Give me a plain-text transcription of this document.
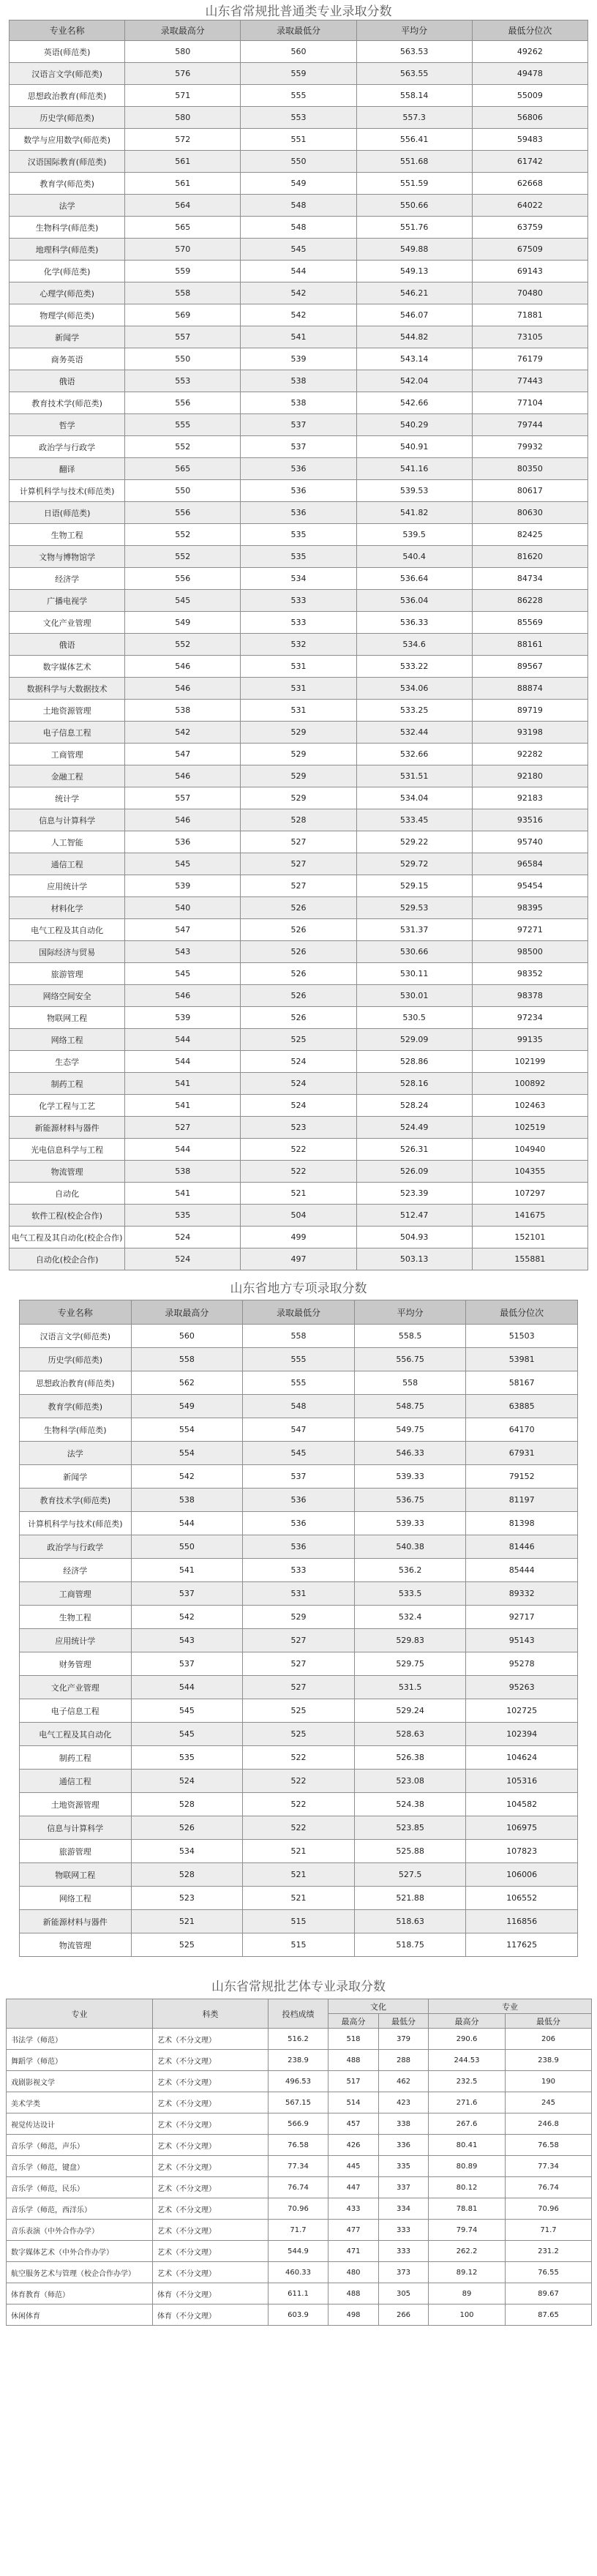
山东省常规批普通类专业录取分数
专业名称	录取最高分	录取最低分	平均分	最低分位次
英语(师范类)	580	560	563.53	49262
汉语言文学(师范类)	576	559	563.55	49478
思想政治教育(师范类)	571	555	558.14	55009
历史学(师范类)	580	553	557.3	56806
数学与应用数学(师范类)	572	551	556.41	59483
汉语国际教育(师范类)	561	550	551.68	61742
教育学(师范类)	561	549	551.59	62668
法学	564	548	550.66	64022
生物科学(师范类)	565	548	551.76	63759
地理科学(师范类)	570	545	549.88	67509
化学(师范类)	559	544	549.13	69143
心理学(师范类)	558	542	546.21	70480
物理学(师范类)	569	542	546.07	71881
新闻学	557	541	544.82	73105
商务英语	550	539	543.14	76179
俄语	553	538	542.04	77443
教育技术学(师范类)	556	538	542.66	77104
哲学	555	537	540.29	79744
政治学与行政学	552	537	540.91	79932
翻译	565	536	541.16	80350
计算机科学与技术(师范类)	550	536	539.53	80617
日语(师范类)	556	536	541.82	80630
生物工程	552	535	539.5	82425
文物与博物馆学	552	535	540.4	81620
经济学	556	534	536.64	84734
广播电视学	545	533	536.04	86228
文化产业管理	549	533	536.33	85569
俄语	552	532	534.6	88161
数字媒体艺术	546	531	533.22	89567
数据科学与大数据技术	546	531	534.06	88874
土地资源管理	538	531	533.25	89719
电子信息工程	542	529	532.44	93198
工商管理	547	529	532.66	92282
金融工程	546	529	531.51	92180
统计学	557	529	534.04	92183
信息与计算科学	546	528	533.45	93516
人工智能	536	527	529.22	95740
通信工程	545	527	529.72	96584
应用统计学	539	527	529.15	95454
材料化学	540	526	529.53	98395
电气工程及其自动化	547	526	531.37	97271
国际经济与贸易	543	526	530.66	98500
旅游管理	545	526	530.11	98352
网络空间安全	546	526	530.01	98378
物联网工程	539	526	530.5	97234
网络工程	544	525	529.09	99135
生态学	544	524	528.86	102199
制药工程	541	524	528.16	100892
化学工程与工艺	541	524	528.24	102463
新能源材料与器件	527	523	524.49	102519
光电信息科学与工程	544	522	526.31	104940
物流管理	538	522	526.09	104355
自动化	541	521	523.39	107297
软件工程(校企合作)	535	504	512.47	141675
电气工程及其自动化(校企合作)	524	499	504.93	152101
自动化(校企合作)	524	497	503.13	155881
山东省地方专项录取分数
专业名称	录取最高分	录取最低分	平均分	最低分位次
汉语言文学(师范类)	560	558	558.5	51503
历史学(师范类)	558	555	556.75	53981
思想政治教育(师范类)	562	555	558	58167
教育学(师范类)	549	548	548.75	63885
生物科学(师范类)	554	547	549.75	64170
法学	554	545	546.33	67931
新闻学	542	537	539.33	79152
教育技术学(师范类)	538	536	536.75	81197
计算机科学与技术(师范类)	544	536	539.33	81398
政治学与行政学	550	536	540.38	81446
经济学	541	533	536.2	85444
工商管理	537	531	533.5	89332
生物工程	542	529	532.4	92717
应用统计学	543	527	529.83	95143
财务管理	537	527	529.75	95278
文化产业管理	544	527	531.5	95263
电子信息工程	545	525	529.24	102725
电气工程及其自动化	545	525	528.63	102394
制药工程	535	522	526.38	104624
通信工程	524	522	523.08	105316
土地资源管理	528	522	524.38	104582
信息与计算科学	526	522	523.85	106975
旅游管理	534	521	525.88	107823
物联网工程	528	521	527.5	106006
网络工程	523	521	521.88	106552
新能源材料与器件	521	515	518.63	116856
物流管理	525	515	518.75	117625
山东省常规批艺体专业录取分数
专业	科类	投档成绩	文化		专业	
			最高分	最低分	最高分	最低分
书法学（师范）	艺术（不分文理）	516.2	518	379	290.6	206
舞蹈学（师范）	艺术（不分文理）	238.9	488	288	244.53	238.9
戏剧影视文学	艺术（不分文理）	496.53	517	462	232.5	190
美术学类	艺术（不分文理）	567.15	514	423	271.6	245
视觉传达设计	艺术（不分文理）	566.9	457	338	267.6	246.8
音乐学（师范，声乐）	艺术（不分文理）	76.58	426	336	80.41	76.58
音乐学（师范，键盘）	艺术（不分文理）	77.34	445	335	80.89	77.34
音乐学（师范，民乐）	艺术（不分文理）	76.74	447	337	80.12	76.74
音乐学（师范，西洋乐）	艺术（不分文理）	70.96	433	334	78.81	70.96
音乐表演（中外合作办学）	艺术（不分文理）	71.7	477	333	79.74	71.7
数字媒体艺术（中外合作办学）	艺术（不分文理）	544.9	471	333	262.2	231.2
航空服务艺术与管理（校企合作办学）	艺术（不分文理）	460.33	480	373	89.12	76.55
体育教育（师范）	体育（不分文理）	611.1	488	305	89	89.67
休闲体育	体育（不分文理）	603.9	498	266	100	87.65
